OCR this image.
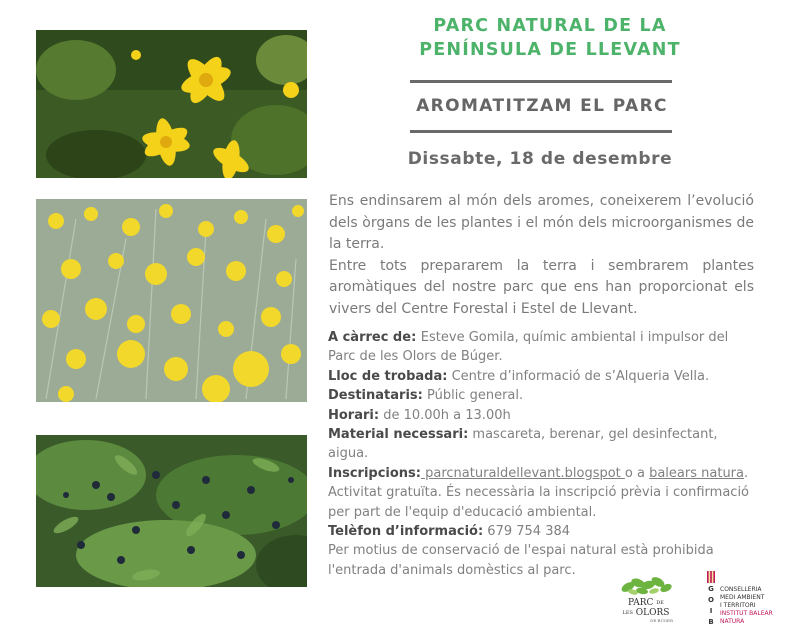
PARC NATURAL DE LA
PENÍNSULA DE LLEVANT
AROMATITZAM EL PARC
Dissabte, 18 de desembre

Ens endinsarem al món dels aromes, coneixerem l’evolució dels òrgans de les plantes i el món dels microorganismes de la terra.

Entre tots prepararem la terra i sembrarem plantes aromàtiques del nostre parc que ens han proporcionat els vivers del Centre Forestal i Estel de Llevant.

A càrrec de: Esteve Gomila, químic ambiental i impulsor del Parc de les Olors de Búger.

Lloc de trobada: Centre d’informació de s’Alqueria Vella.

Destinataris: Públic general.

Horari: de 10.00h a 13.00h

Material necessari: mascareta, berenar, gel desinfectant, aigua.

Inscripcions: parcnaturaldellevant.blogspot o a balears natura.

Activitat gratuïta. És necessària la inscripció prèvia i confirmació per part de l'equip d'educació ambiental.

Telèfon d’informació: 679 754 384

Per motius de conservació de l'espai natural està prohibida l'entrada d'animals domèstics al parc.

PARC $^{DE}$
$^{LES}$ OLORS
DE BÚGER
G
O
I
B
CONSELLERIA
MEDI AMBIENT
I TERRITORI
INSTITUT BALEAR
NATURA
